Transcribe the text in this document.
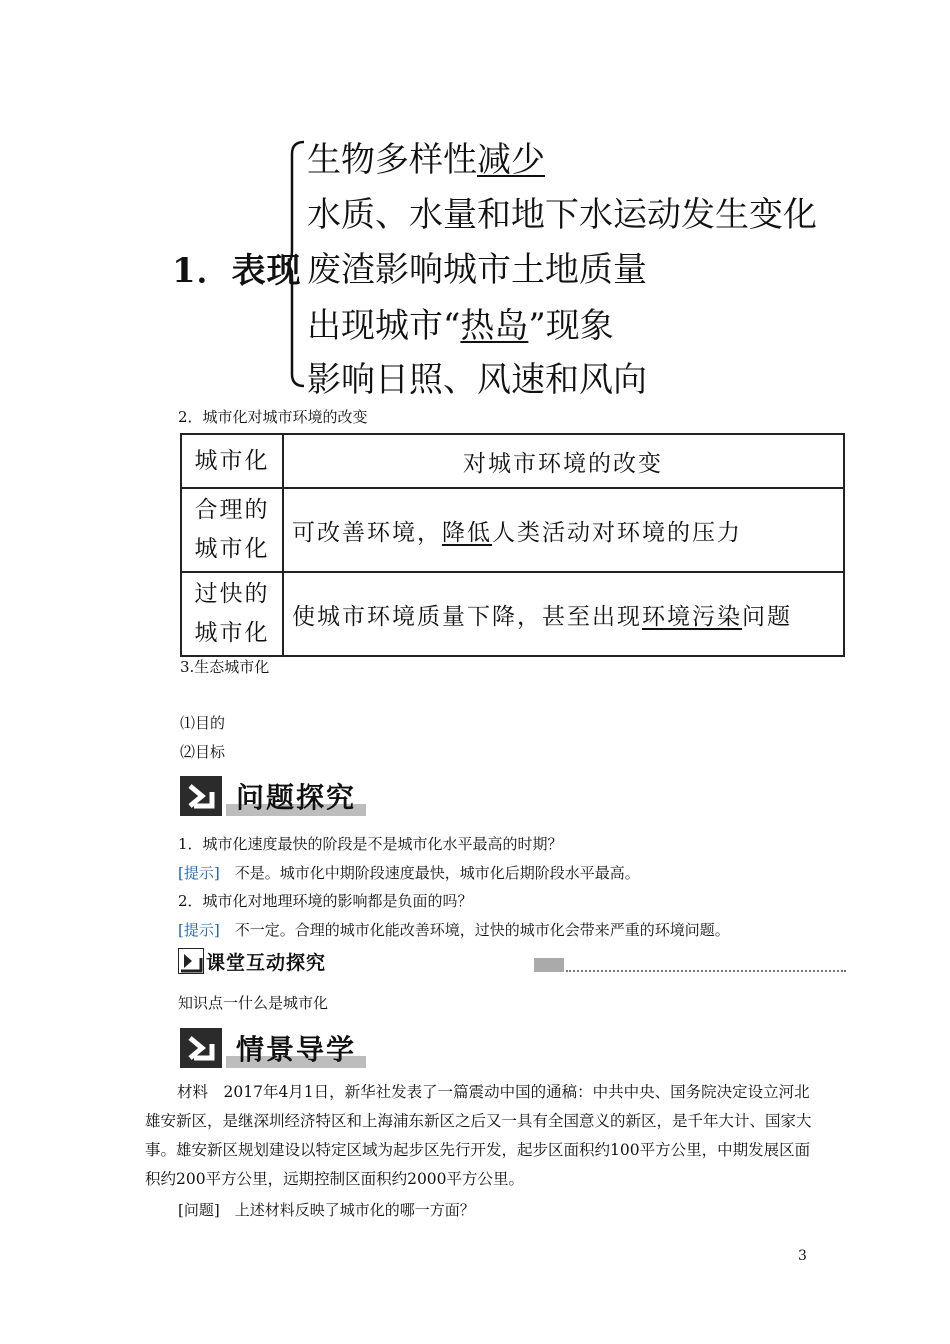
1．表现
生物多样性减少
水质、水量和地下水运动发生变化
废渣影响城市土地质量
出现城市“热岛”现象
影响日照、风速和风向
2．城市化对城市环境的改变
城市化	对城市环境的改变
合理的
城市化	可改善环境，降低人类活动对环境的压力
过快的
城市化	使城市环境质量下降，甚至出现环境污染问题
3.生态城市化
⑴目的
⑵目标
问题探究
1．城市化速度最快的阶段是不是城市化水平最高的时期？
[提示]　不是。城市化中期阶段速度最快，城市化后期阶段水平最高。
2．城市化对地理环境的影响都是负面的吗？
[提示]　不一定。合理的城市化能改善环境，过快的城市化会带来严重的环境问题。
课堂互动探究
知识点一什么是城市化
情景导学
材料　2017年4月1日，新华社发表了一篇震动中国的通稿：中共中央、国务院决定设立河北雄安新区，是继深圳经济特区和上海浦东新区之后又一具有全国意义的新区，是千年大计、国家大事。雄安新区规划建设以特定区域为起步区先行开发，起步区面积约100平方公里，中期发展区面积约200平方公里，远期控制区面积约2000平方公里。
[问题]　上述材料反映了城市化的哪一方面？
3
